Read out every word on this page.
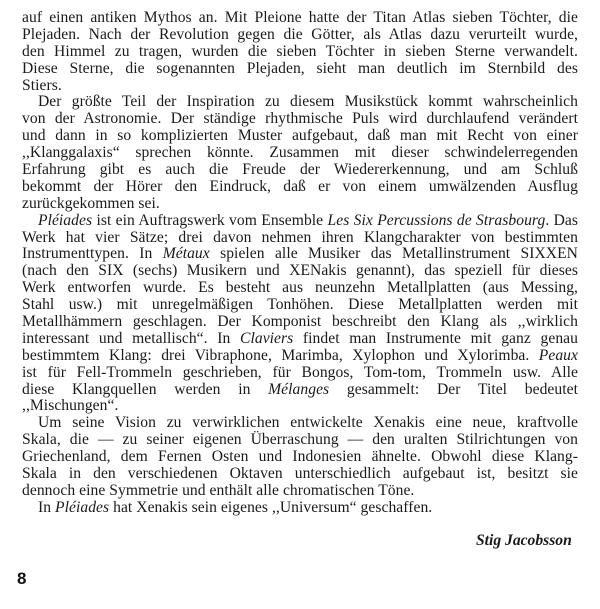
auf einen antiken Mythos an. Mit Pleione hatte der Titan Atlas sieben Töchter, die
Plejaden. Nach der Revolution gegen die Götter, als Atlas dazu verurteilt wurde,
den Himmel zu tragen, wurden die sieben Töchter in sieben Sterne verwandelt.
Diese Sterne, die sogenannten Plejaden, sieht man deutlich im Sternbild des
Stiers.
Der größte Teil der Inspiration zu diesem Musikstück kommt wahrscheinlich
von der Astronomie. Der ständige rhythmische Puls wird durchlaufend verändert
und dann in so komplizierten Muster aufgebaut, daß man mit Recht von einer
,,Klanggalaxis“ sprechen könnte. Zusammen mit dieser schwindelerregenden
Erfahrung gibt es auch die Freude der Wiedererkennung, und am Schluß
bekommt der Hörer den Eindruck, daß er von einem umwälzenden Ausflug
zurückgekommen sei.
Pléiades ist ein Auftragswerk vom Ensemble Les Six Percussions de Strasbourg. Das
Werk hat vier Sätze; drei davon nehmen ihren Klangcharakter von bestimmten
Instrumenttypen. In Métaux spielen alle Musiker das Metallinstrument SIXXEN
(nach den SIX (sechs) Musikern und XENakis genannt), das speziell für dieses
Werk entworfen wurde. Es besteht aus neunzehn Metallplatten (aus Messing,
Stahl usw.) mit unregelmäßigen Tonhöhen. Diese Metallplatten werden mit
Metallhämmern geschlagen. Der Komponist beschreibt den Klang als ,,wirklich
interessant und metallisch“. In Claviers findet man Instrumente mit ganz genau
bestimmtem Klang: drei Vibraphone, Marimba, Xylophon und Xylorimba. Peaux
ist für Fell-Trommeln geschrieben, für Bongos, Tom-tom, Trommeln usw. Alle
diese Klangquellen werden in Mélanges gesammelt: Der Titel bedeutet
,,Mischungen“.
Um seine Vision zu verwirklichen entwickelte Xenakis eine neue, kraftvolle
Skala, die — zu seiner eigenen Überraschung — den uralten Stilrichtungen von
Griechenland, dem Fernen Osten und Indonesien ähnelte. Obwohl diese Klang-
Skala in den verschiedenen Oktaven unterschiedlich aufgebaut ist, besitzt sie
dennoch eine Symmetrie und enthält alle chromatischen Töne.
In Pléiades hat Xenakis sein eigenes ,,Universum“ geschaffen.
Stig Jacobsson
8
